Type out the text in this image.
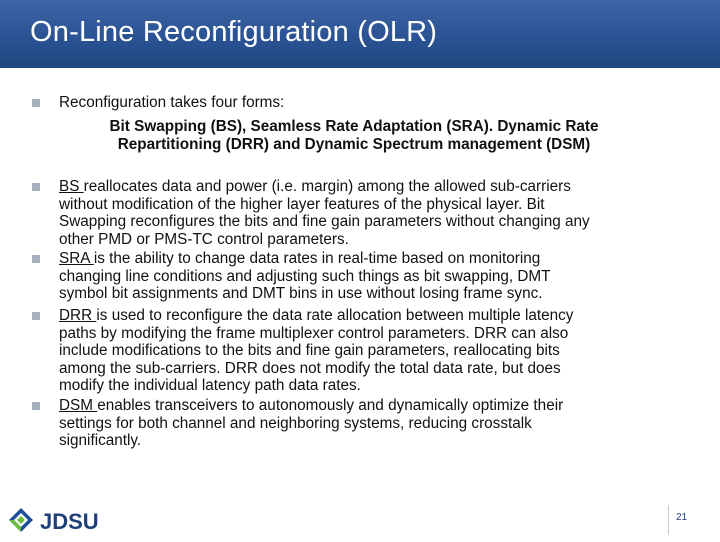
On-Line Reconfiguration (OLR)

Reconfiguration takes four forms:

Bit Swapping (BS), Seamless Rate Adaptation (SRA). Dynamic Rate

Repartitioning (DRR) and Dynamic Spectrum management (DSM)

BS reallocates data and power (i.e. margin) among the allowed sub‑carriers
without modification of the higher layer features of the physical layer. Bit
Swapping reconfigures the bits and fine gain parameters without changing any
other PMD or PMS‑TC control parameters.
SRA is the ability to change data rates in real-time based on monitoring
changing line conditions and adjusting such things as bit swapping, DMT
symbol bit assignments and DMT bins in use without losing frame sync.
DRR is used to reconfigure the data rate allocation between multiple latency
paths by modifying the frame multiplexer control parameters. DRR can also
include modifications to the bits and fine gain parameters, reallocating bits
among the sub-carriers. DRR does not modify the total data rate, but does
modify the individual latency path data rates.
DSM enables transceivers to autonomously and dynamically optimize their
settings for both channel and neighboring systems, reducing crosstalk
significantly.
JDSU	21
